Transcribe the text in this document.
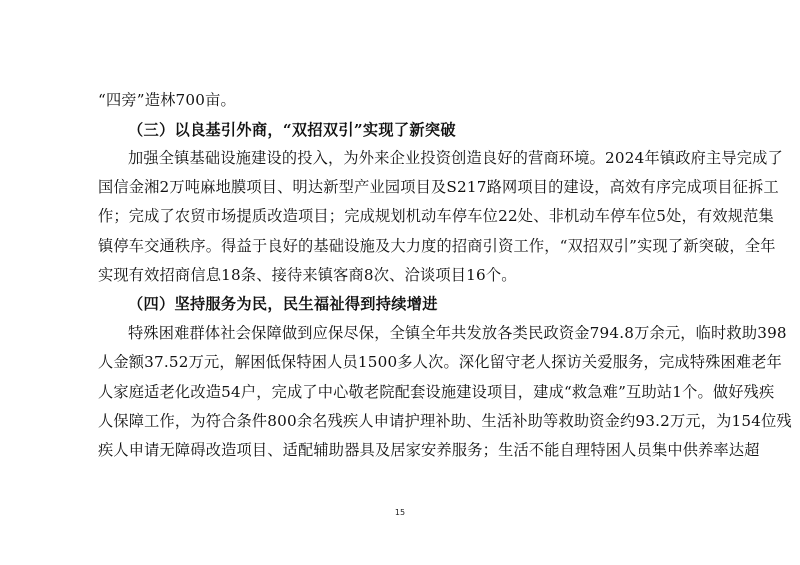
“四旁”造林700亩。
（三）以良基引外商，“双招双引”实现了新突破
加强全镇基础设施建设的投入，为外来企业投资创造良好的营商环境。2024年镇政府主导完成了
国信金湘2万吨麻地膜项目、明达新型产业园项目及S217路网项目的建设，高效有序完成项目征拆工
作；完成了农贸市场提质改造项目；完成规划机动车停车位22处、非机动车停车位5处，有效规范集
镇停车交通秩序。得益于良好的基础设施及大力度的招商引资工作，“双招双引”实现了新突破，全年
实现有效招商信息18条、接待来镇客商8次、洽谈项目16个。
（四）坚持服务为民，民生福祉得到持续增进
特殊困难群体社会保障做到应保尽保，全镇全年共发放各类民政资金794.8万余元，临时救助398
人金额37.52万元，解困低保特困人员1500多人次。深化留守老人探访关爱服务，完成特殊困难老年
人家庭适老化改造54户，完成了中心敬老院配套设施建设项目，建成“救急难”互助站1个。做好残疾
人保障工作，为符合条件800余名残疾人申请护理补助、生活补助等救助资金约93.2万元，为154位残
疾人申请无障碍改造项目、适配辅助器具及居家安养服务；生活不能自理特困人员集中供养率达超
15
